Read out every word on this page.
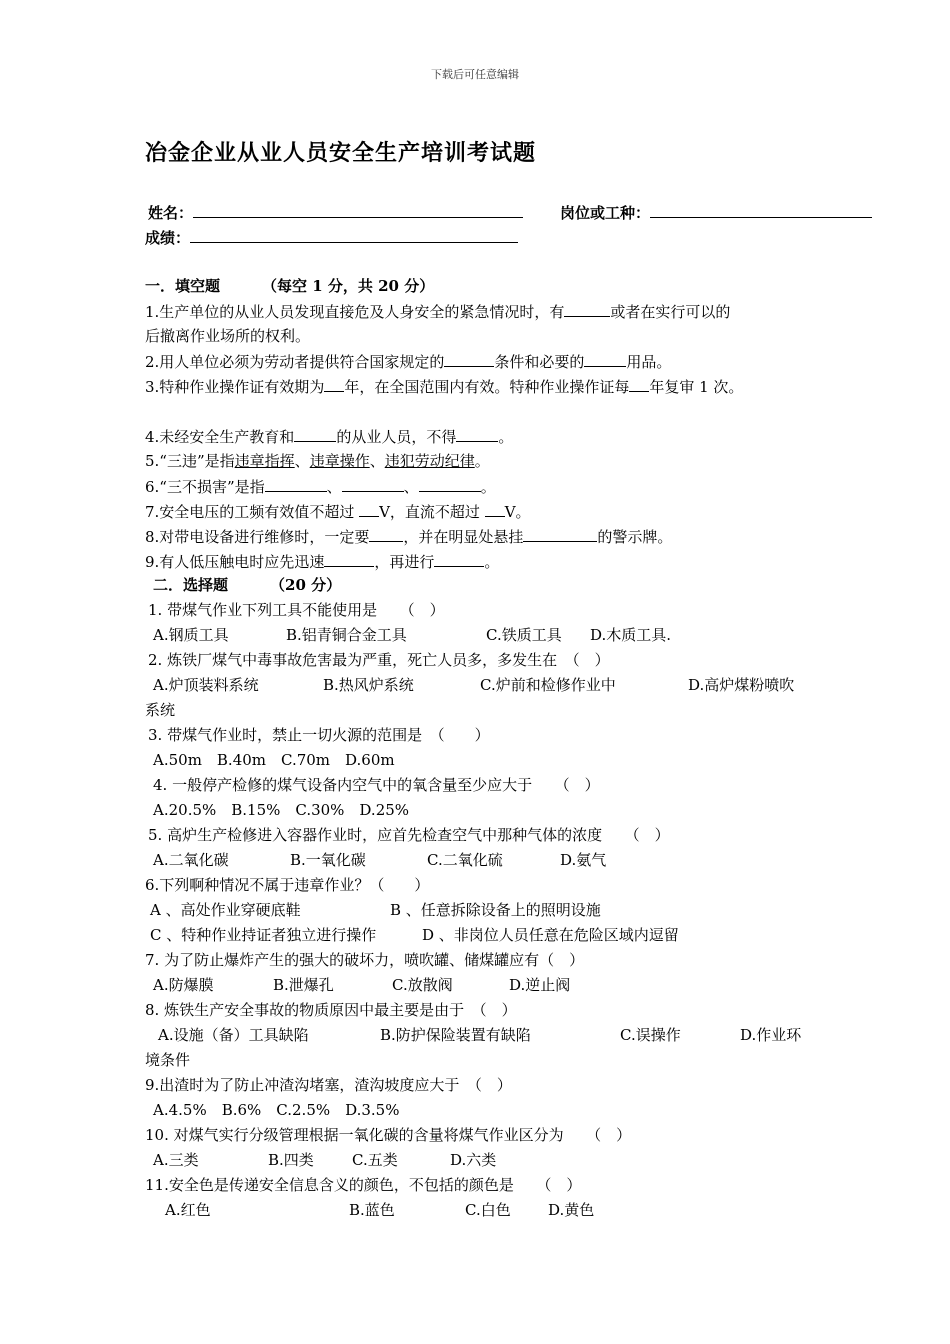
下载后可任意编辑
冶金企业从业人员安全生产培训考试题
姓名：	岗位或工种：
成绩：
一．填空题	（每空 1 分，共 20 分）
1.生产单位的从业人员发现直接危及人身安全的紧急情况时，有	或者在实行可以的
后撤离作业场所的权利。
2.用人单位必须为劳动者提供符合国家规定的	条件和必要的	用品。
3.特种作业操作证有效期为 年，在全国范围内有效。特种作业操作证每 年复审 1 次。
4.未经安全生产教育和	的从业人员，不得	。
5.“三违”是指违章指挥、违章操作、违犯劳动纪律。
6.“三不损害”是指	、	、	。
7.安全电压的工频有效值不超过 V，直流不超过 V。
8.对带电设备进行维修时，一定要 ，并在明显处悬挂	的警示牌。
9.有人低压触电时应先迅速	，再进行	。
二．选择题	（20 分）
1. 带煤气作业下列工具不能使用是　　（　）
A.钢质工具	B.铝青铜合金工具	C.铁质工具 D.木质工具.
2. 炼铁厂煤气中毒事故危害最为严重，死亡人员多，多发生在　（　）
A.炉顶装料系统	B.热风炉系统	C.炉前和检修作业中	D.高炉煤粉喷吹
系统
3. 带煤气作业时，禁止一切火源的范围是　（　　）
A.50m　B.40m　C.70m　D.60m
4. 一般停产检修的煤气设备内空气中的氧含量至少应大于　　（　）
A.20.5%　B.15%　C.30%　D.25%
5. 高炉生产检修进入容器作业时，应首先检查空气中那种气体的浓度　　（　）
A.二氧化碳	B.一氧化碳	C.二氧化硫	D.氨气
6.下列啊种情况不属于违章作业？（　　）
A 、高处作业穿硬底鞋	B 、任意拆除设备上的照明设施
C 、特种作业持证者独立进行操作	D 、非岗位人员任意在危险区域内逗留
7. 为了防止爆炸产生的强大的破坏力，喷吹罐、储煤罐应有（　）
A.防爆膜	B.泄爆孔	C.放散阀	D.逆止阀
8. 炼铁生产安全事故的物质原因中最主要是由于　（　）
A.设施（备）工具缺陷	B.防护保险装置有缺陷	C.误操作	D.作业环
境条件
9.出渣时为了防止冲渣沟堵塞，渣沟坡度应大于　（　）
A.4.5%　B.6%　C.2.5%　D.3.5%
10. 对煤气实行分级管理根据一氧化碳的含量将煤气作业区分为　　（　）
A.三类	B.四类	C.五类	D.六类
11.安全色是传递安全信息含义的颜色，不包括的颜色是　　（　）
A.红色	B.蓝色	C.白色 D.黄色
